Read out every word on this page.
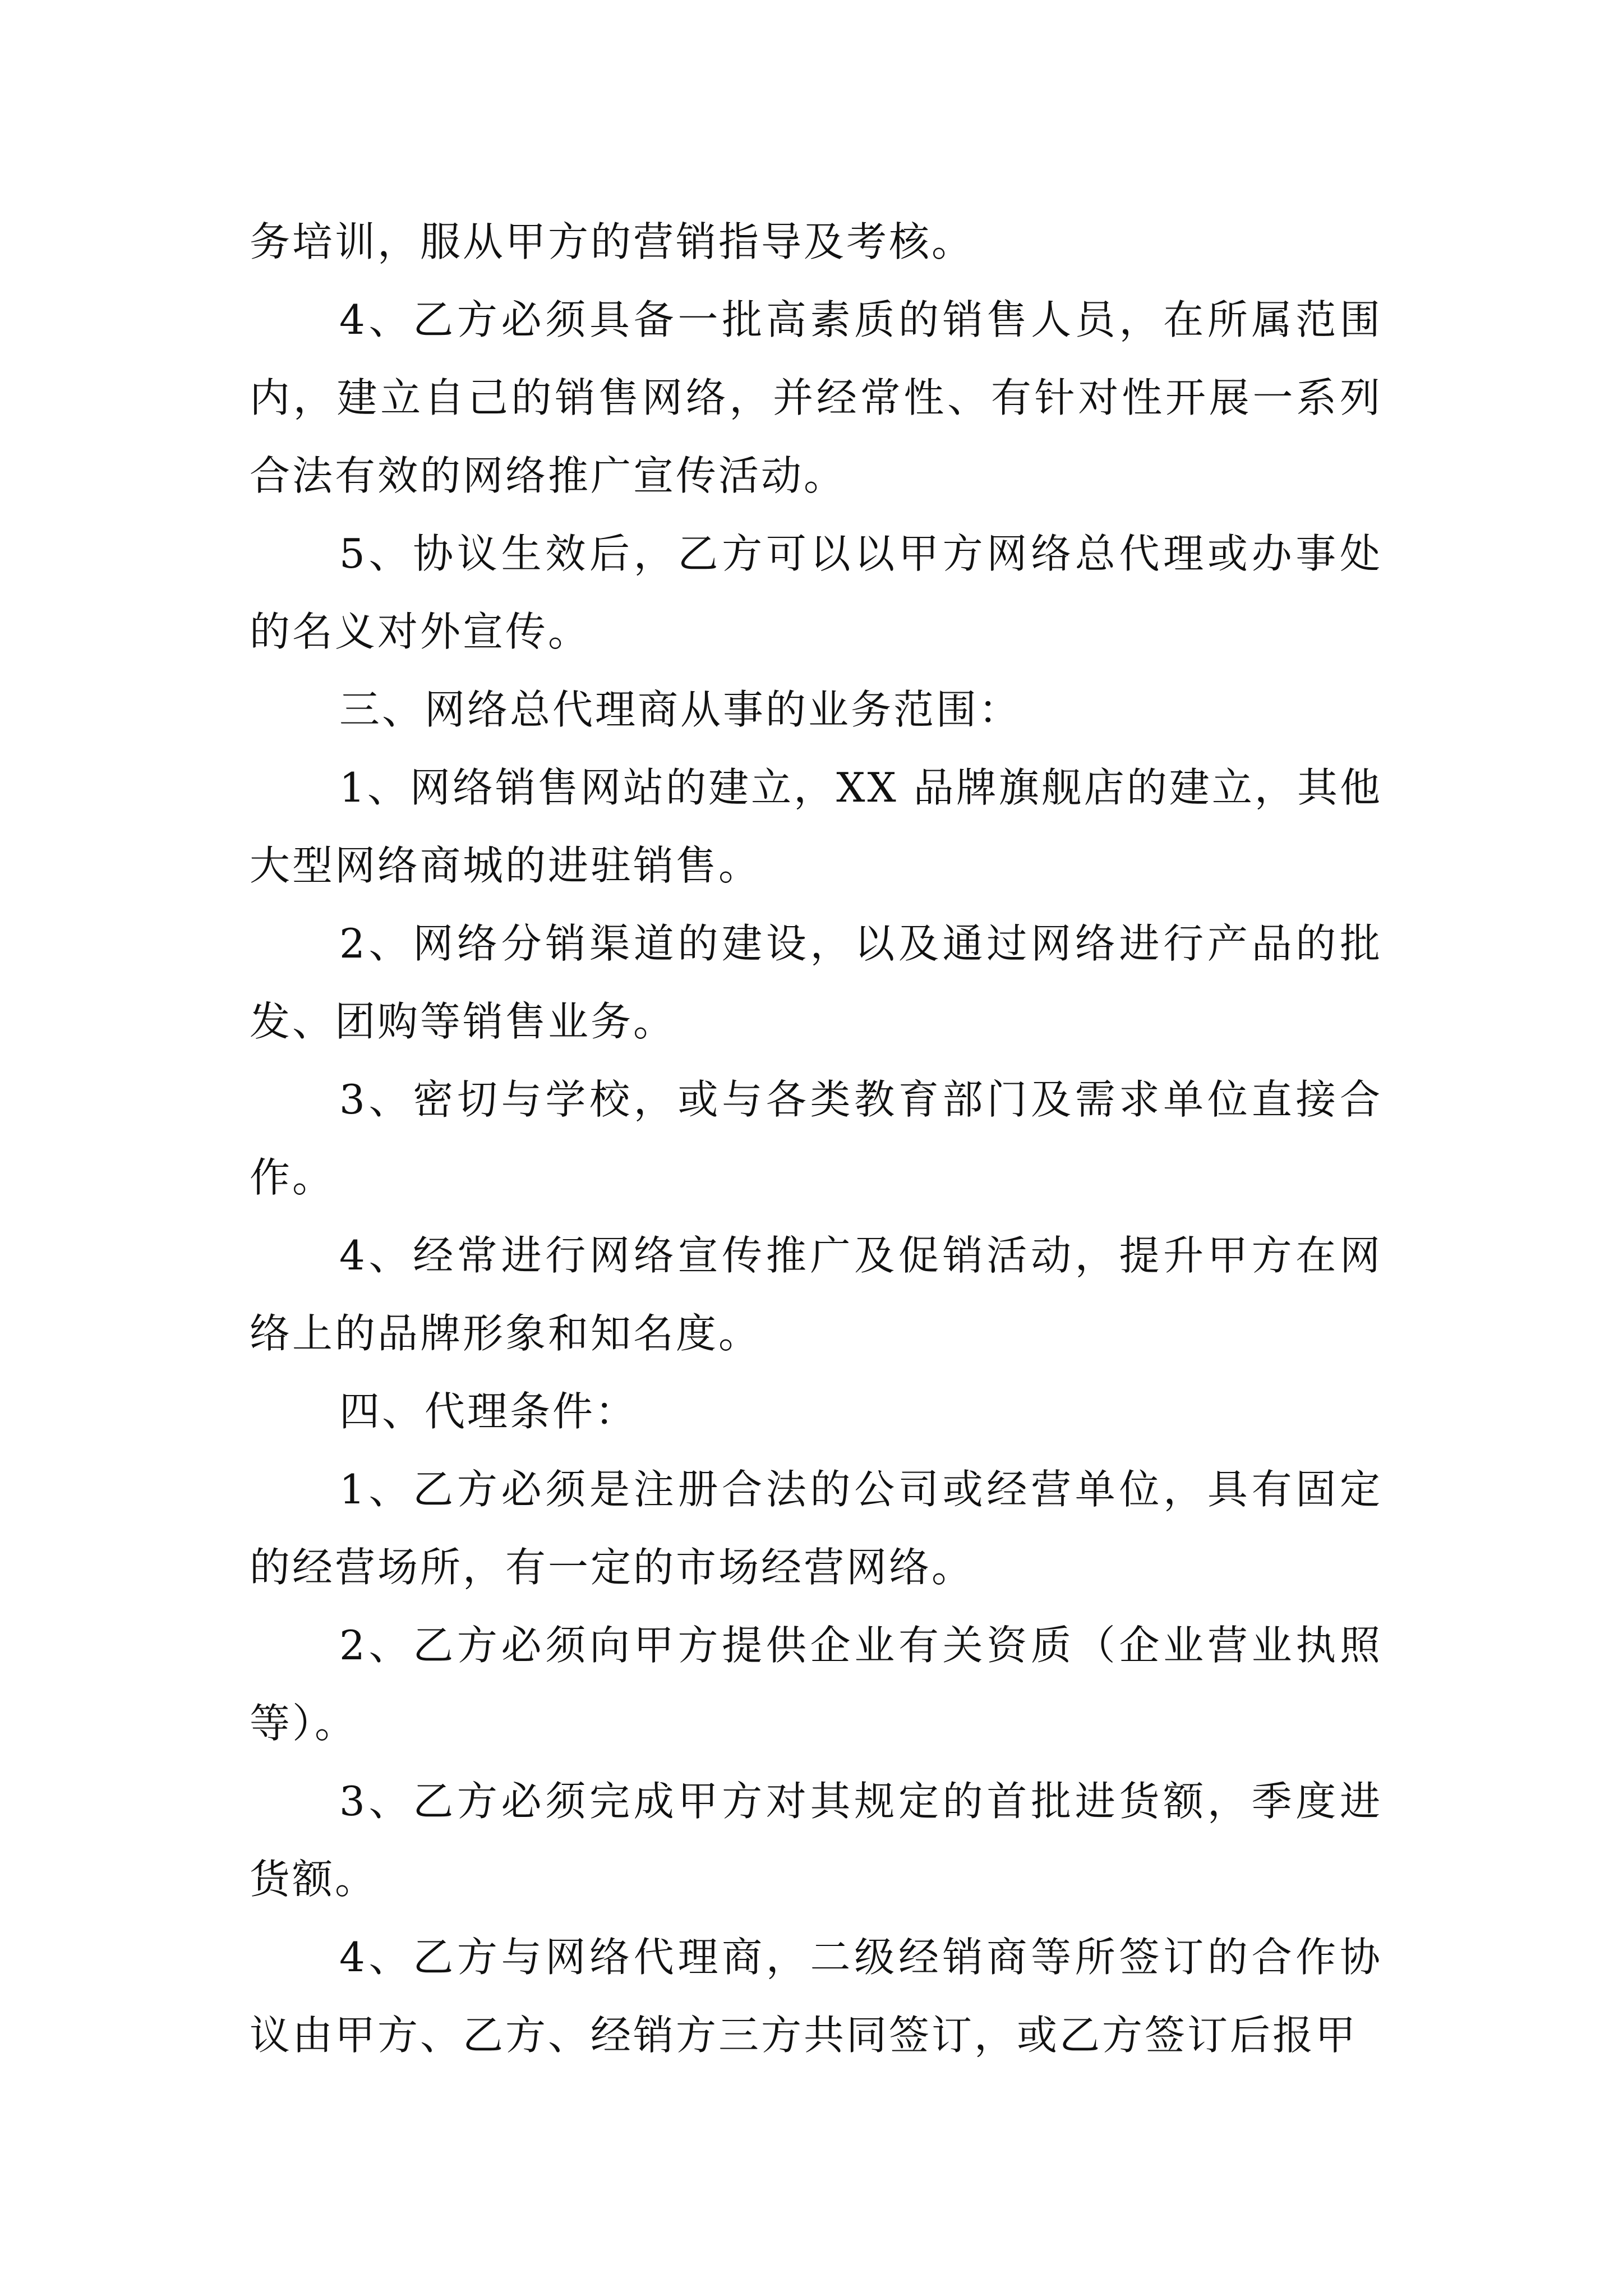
务培训，服从甲方的营销指导及考核。

4、乙方必须具备一批高素质的销售人员，在所属范围内，建立自己的销售网络，并经常性、有针对性开展一系列合法有效的网络推广宣传活动。

5、协议生效后，乙方可以以甲方网络总代理或办事处的名义对外宣传。

三、网络总代理商从事的业务范围：

1、网络销售网站的建立，XX 品牌旗舰店的建立，其他大型网络商城的进驻销售。

2、网络分销渠道的建设，以及通过网络进行产品的批发、团购等销售业务。

3、密切与学校，或与各类教育部门及需求单位直接合作。

4、经常进行网络宣传推广及促销活动，提升甲方在网络上的品牌形象和知名度。

四、代理条件：

1、乙方必须是注册合法的公司或经营单位，具有固定的经营场所，有一定的市场经营网络。

2、乙方必须向甲方提供企业有关资质（企业营业执照等）。

3、乙方必须完成甲方对其规定的首批进货额，季度进货额。

4、乙方与网络代理商，二级经销商等所签订的合作协议由甲方、乙方、经销方三方共同签订，或乙方签订后报甲
